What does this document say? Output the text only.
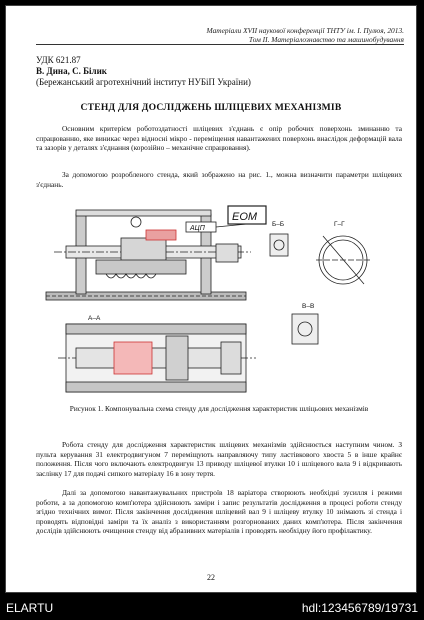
Матеріали XVII наукової конференції ТНТУ ім. І. Пулюя, 2013.
Том ІІ. Матеріалознавство та машинобудування
УДК 621.87
В. Дина, С. Білик
(Бережанський агротехнічний інститут НУБіП України)
СТЕНД ДЛЯ ДОСЛІДЖЕНЬ ШЛІЦЕВИХ МЕХАНІЗМІВ
Основним критерієм роботоздатності шліцевих з'єднань є опір робочих поверхонь зминанню та спрацюванню, яке виникає через відносні мікро - переміщення навантажених поверхонь внаслідок деформацій вала та зазорів у деталях з'єднання (корозійно – механічне спрацювання).
За допомогою розробленого стенда, який зображено на рис. 1., можна визначити параметри шліцевих з'єднань.
ЕОМ
АЦП
Б–Б	Г–Г
В–В
А–А
Рисунок 1. Компонувальна схема стенду для дослідження характеристик шліцьових механізмів
Робота стенду для дослідження характеристик шліцевих механізмів здійснюється наступним чином. З пульта керування 31 електродвигуном 7 переміщують направляючу типу ластівкового хвоста 5 в інше крайнє положення. Після чого включають електродвигун 13 приводу шліцевої втулки 10 і шліцевого вала 9 і відкривають заслінку 17 для подачі сипкого матеріалу 16 в зону тертя.
Далі за допомогою навантажувальних пристроїв 18 варіатора створюють необхідні зусилля і режими роботи, а за допомогою комп'ютера здійснюють заміри і запис результатів дослідження в процесі роботи стенду згідно технічних вимог. Після закінчення дослідження шліцевий вал 9 і шліцеву втулку 10 знімають зі стенда і проводять відповідні заміри та їх аналіз з використанням розгорнованих даних комп'ютера. Після закінчення дослідів здійснюють очищення стенду від абразивних матеріалів і проводять необхідну його профілактику.
22
ELARTU	hdl:123456789/19731
